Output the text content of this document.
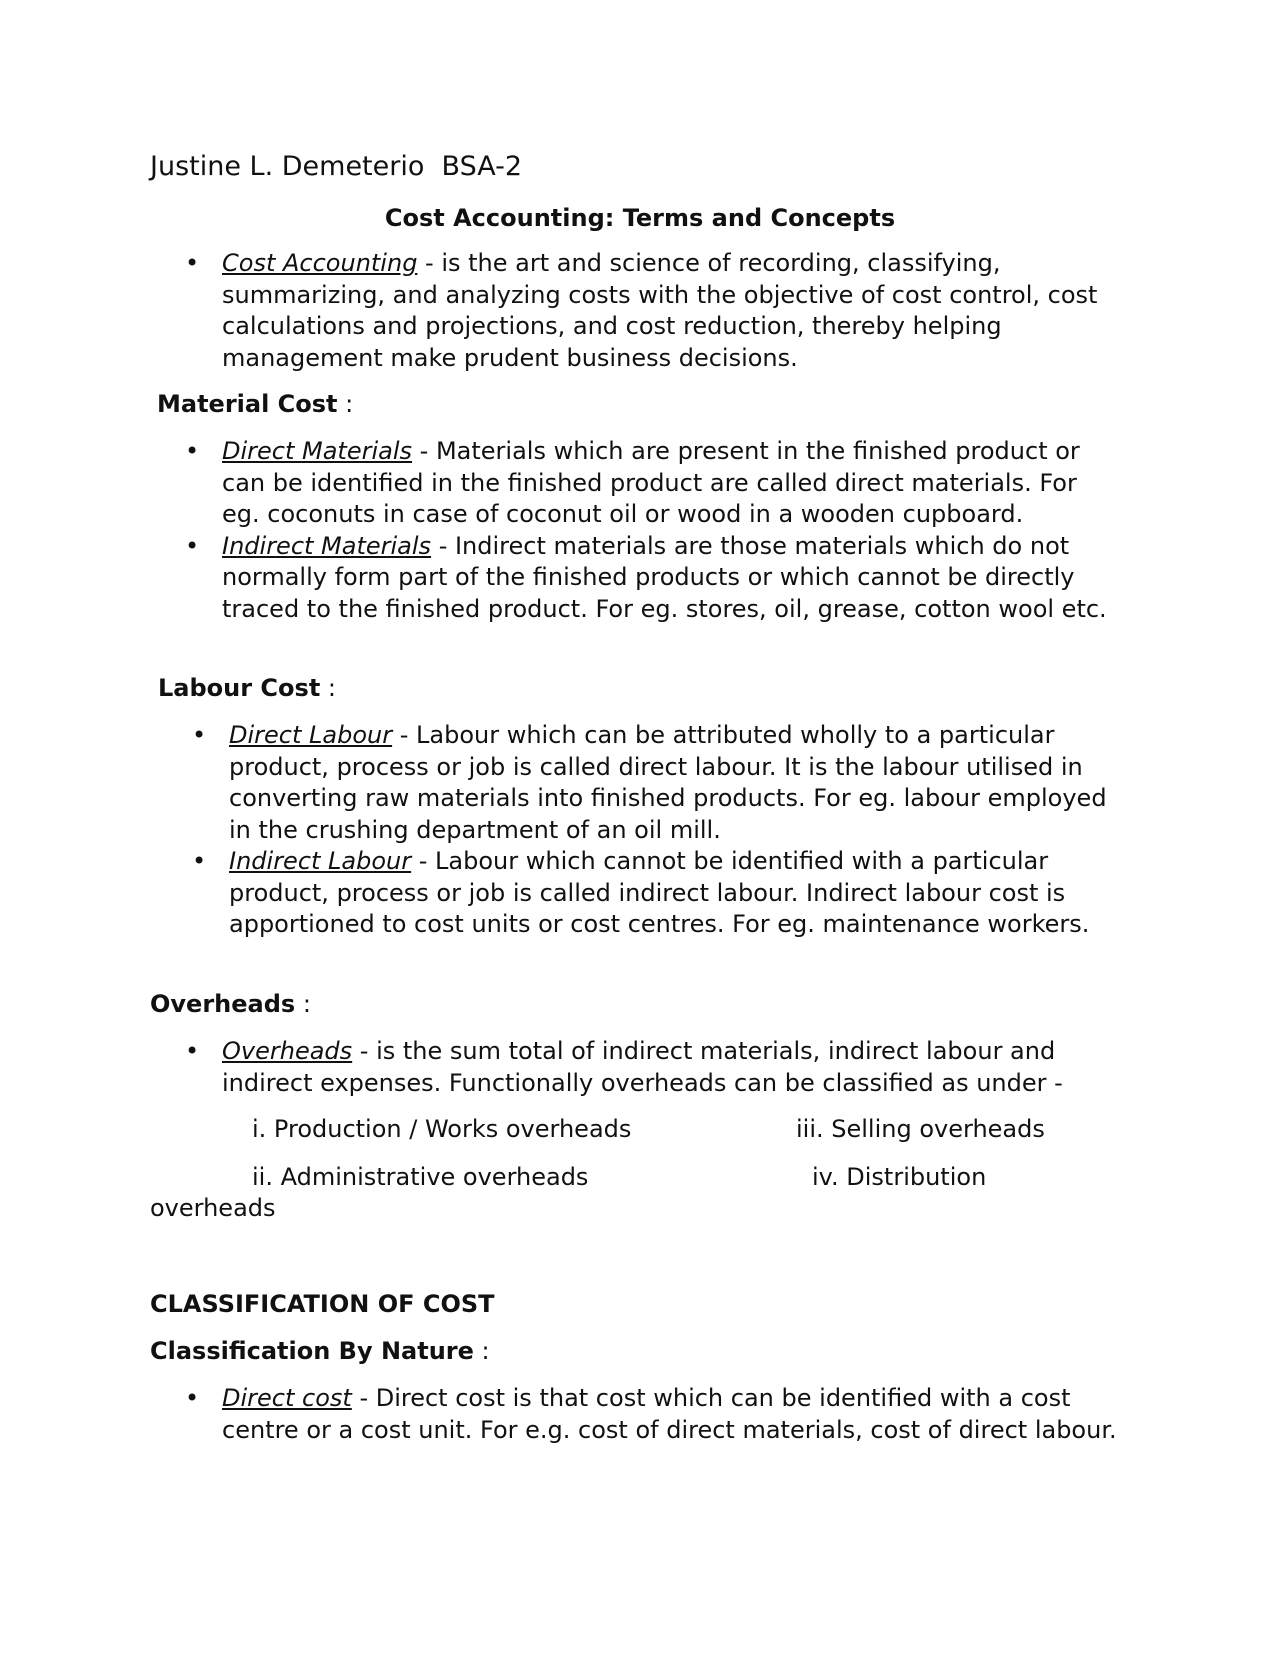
Justine L. Demeterio  BSA-2

Cost Accounting: Terms and Concepts

• Cost Accounting - is the art and science of recording, classifying, summarizing, and analyzing costs with the objective of cost control, cost calculations and projections, and cost reduction, thereby helping management make prudent business decisions.

Material Cost :

• Direct Materials - Materials which are present in the finished product or can be identified in the finished product are called direct materials. For eg. coconuts in case of coconut oil or wood in a wooden cupboard.
• Indirect Materials - Indirect materials are those materials which do not normally form part of the finished products or which cannot be directly traced to the finished product. For eg. stores, oil, grease, cotton wool etc.

Labour Cost :

• Direct Labour - Labour which can be attributed wholly to a particular product, process or job is called direct labour. It is the labour utilised in converting raw materials into finished products. For eg. labour employed in the crushing department of an oil mill.
• Indirect Labour - Labour which cannot be identified with a particular product, process or job is called indirect labour. Indirect labour cost is apportioned to cost units or cost centres. For eg. maintenance workers.

Overheads :

• Overheads - is the sum total of indirect materials, indirect labour and indirect expenses. Functionally overheads can be classified as under -

i. Production / Works overheads	iii. Selling overheads

ii. Administrative overheads	iv. Distribution

overheads

CLASSIFICATION OF COST

Classification By Nature :

• Direct cost - Direct cost is that cost which can be identified with a cost centre or a cost unit. For e.g. cost of direct materials, cost of direct labour.
